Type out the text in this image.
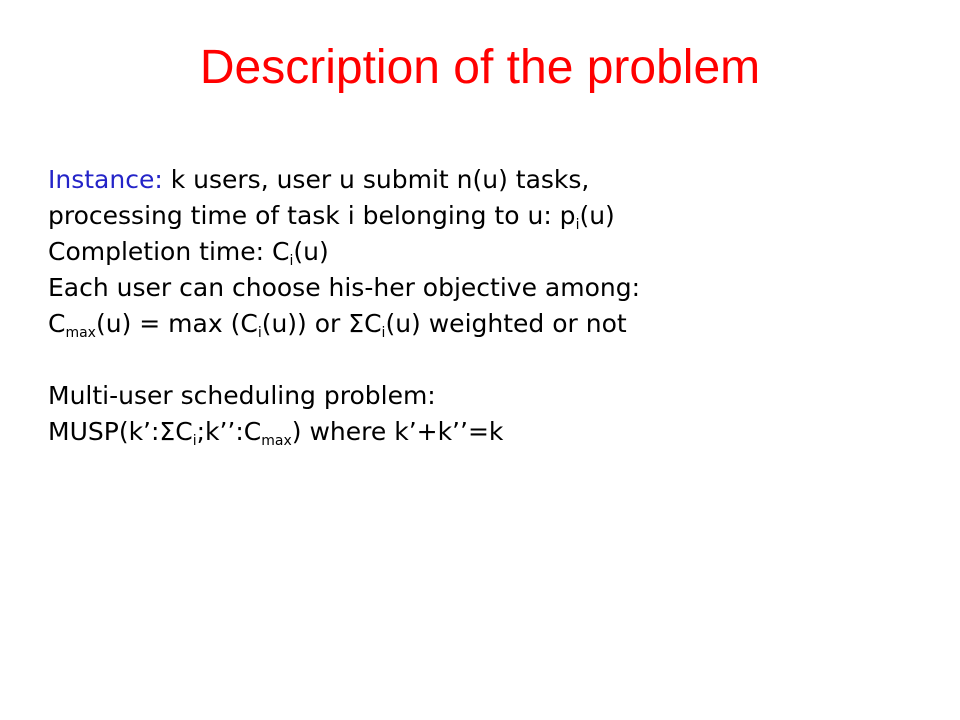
Description of the problem
Instance: k users, user u submit n(u) tasks,
processing time of task i belonging to u: $p_i(u)$
Completion time: $C_i(u)$
Each user can choose his-her objective among:
$C_{max}(u) = \max (C_i(u))$ or $\Sigma C_i(u)$ weighted or not
Multi-user scheduling problem:
$MUSP(k’:\Sigma C_i;k’’:C_{max})$ where k’+k’’=k
